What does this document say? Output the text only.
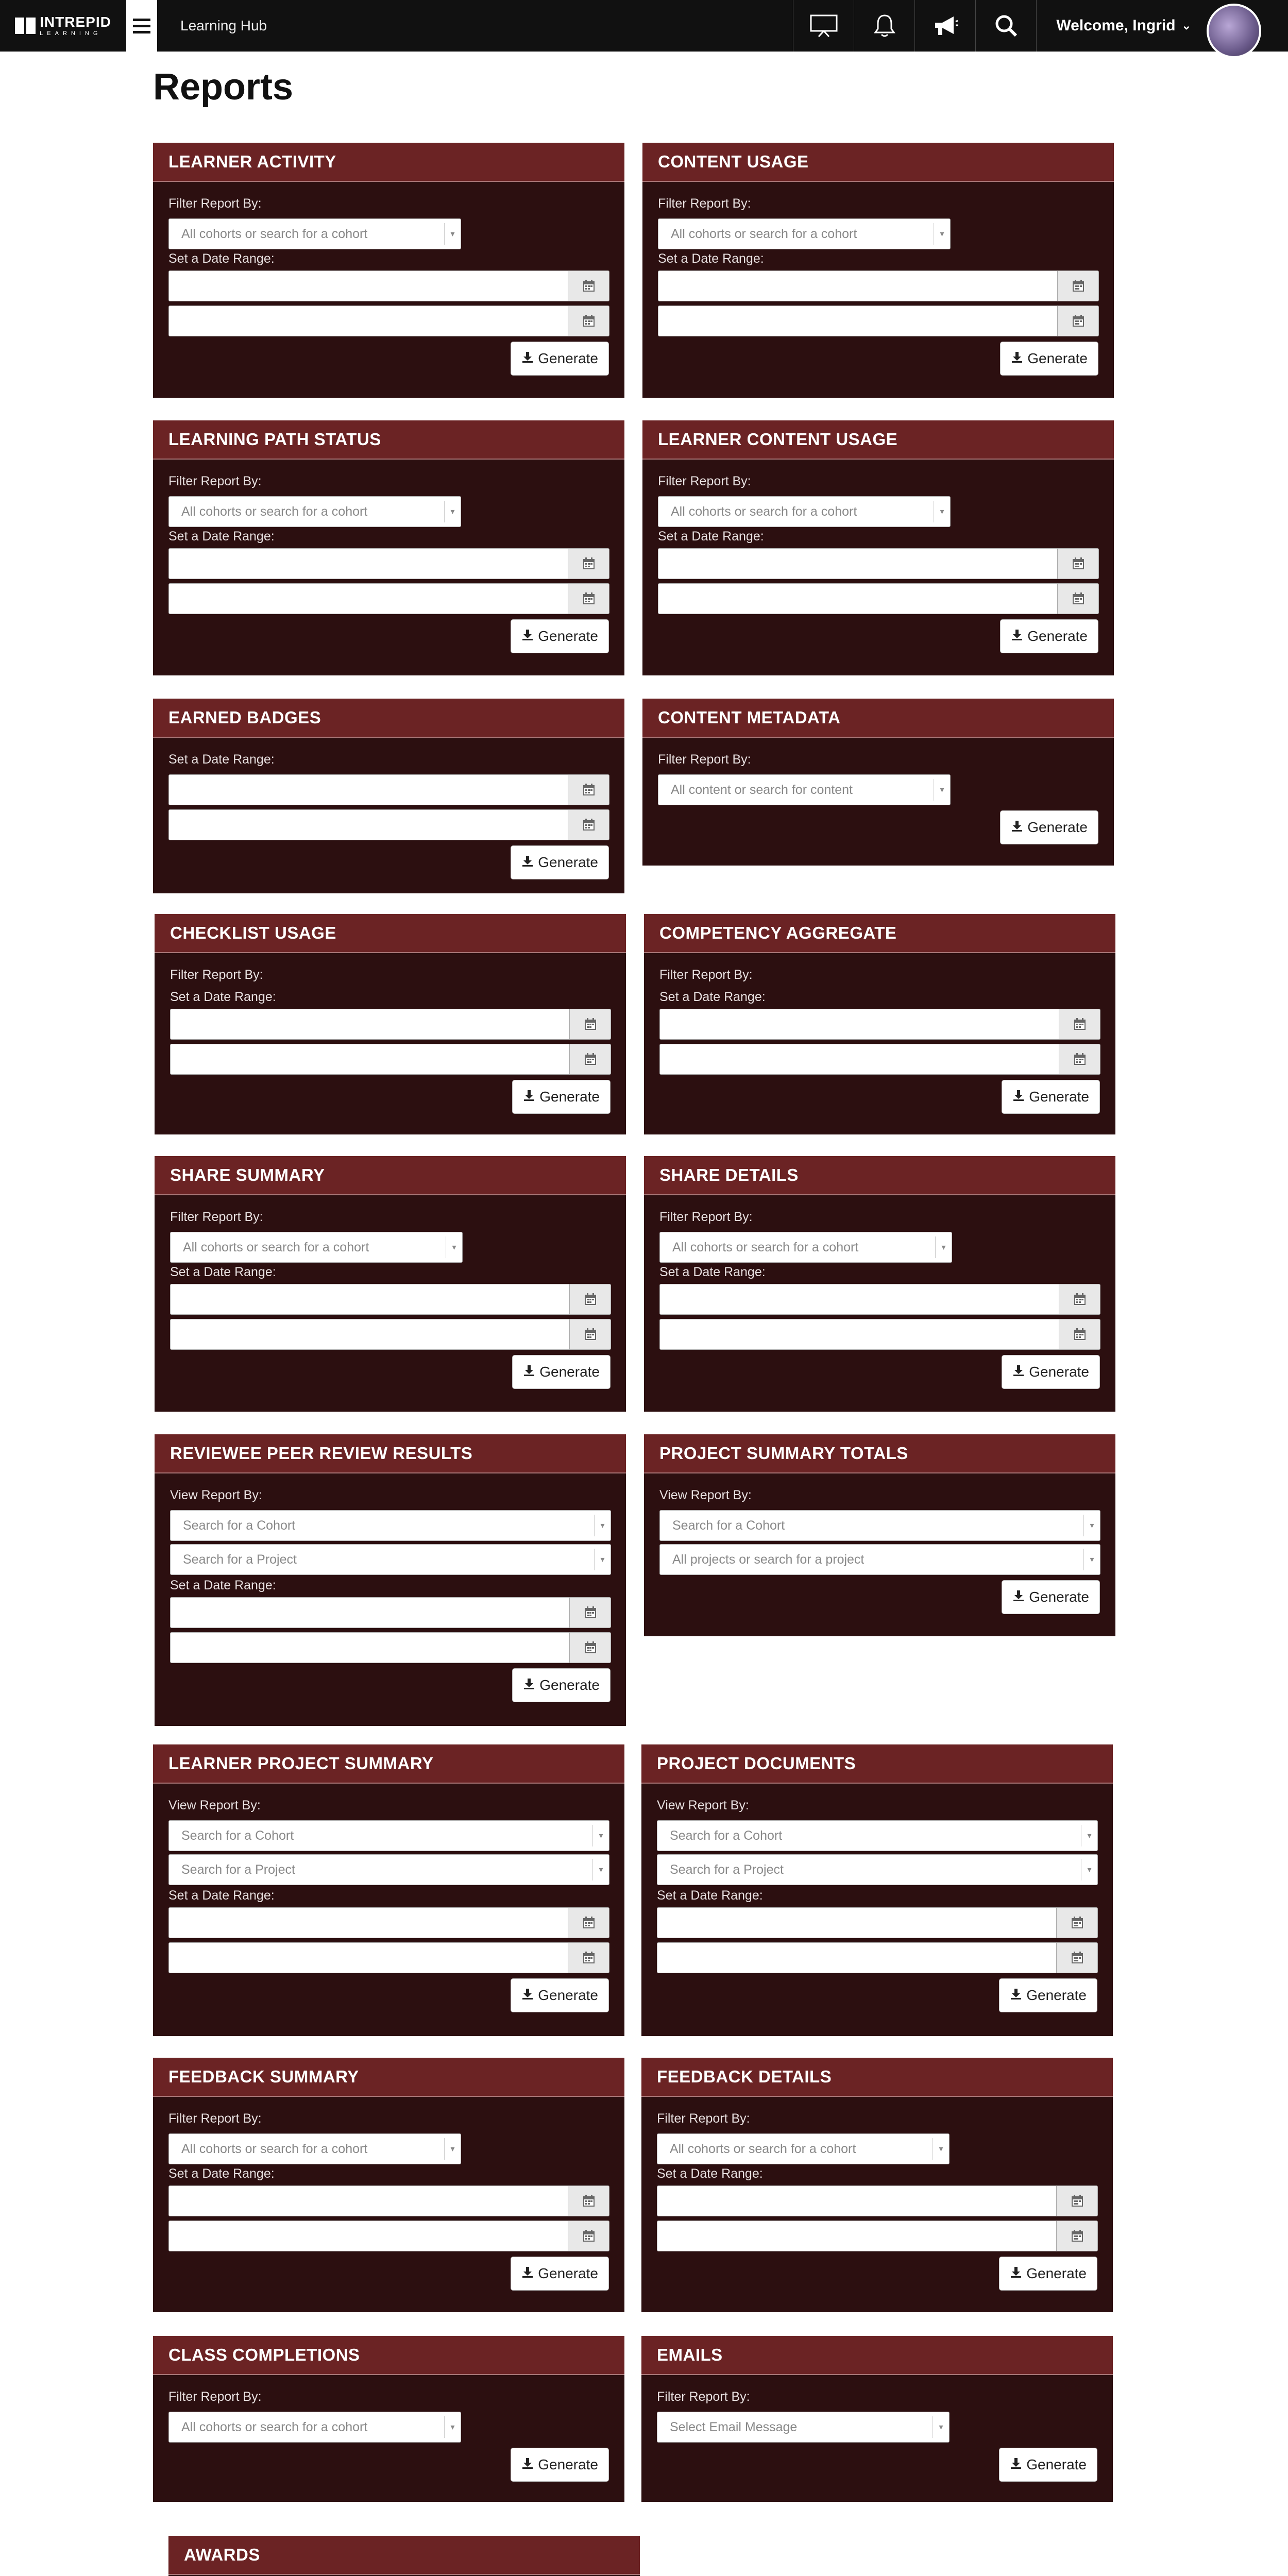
INTREPID
LEARNING	Learning Hub	Welcome, Ingrid ⌄
Reports
LEARNER ACTIVITY
Filter Report By:
All cohorts or search for a cohort	▾
Set a Date Range:
Generate
CONTENT USAGE
Filter Report By:
All cohorts or search for a cohort	▾
Set a Date Range:
Generate
LEARNING PATH STATUS
Filter Report By:
All cohorts or search for a cohort	▾
Set a Date Range:
Generate
LEARNER CONTENT USAGE
Filter Report By:
All cohorts or search for a cohort	▾
Set a Date Range:
Generate
EARNED BADGES
Set a Date Range:
Generate
CONTENT METADATA
Filter Report By:
All content or search for content	▾
Generate
CHECKLIST USAGE
Filter Report By:
Set a Date Range:
Generate
COMPETENCY AGGREGATE
Filter Report By:
Set a Date Range:
Generate
SHARE SUMMARY
Filter Report By:
All cohorts or search for a cohort	▾
Set a Date Range:
Generate
SHARE DETAILS
Filter Report By:
All cohorts or search for a cohort	▾
Set a Date Range:
Generate
REVIEWEE PEER REVIEW RESULTS
View Report By:
Search for a Cohort	▾
Search for a Project	▾
Set a Date Range:
Generate
PROJECT SUMMARY TOTALS
View Report By:
Search for a Cohort	▾
All projects or search for a project	▾
Generate
LEARNER PROJECT SUMMARY
View Report By:
Search for a Cohort	▾
Search for a Project	▾
Set a Date Range:
Generate
PROJECT DOCUMENTS
View Report By:
Search for a Cohort	▾
Search for a Project	▾
Set a Date Range:
Generate
FEEDBACK SUMMARY
Filter Report By:
All cohorts or search for a cohort	▾
Set a Date Range:
Generate
FEEDBACK DETAILS
Filter Report By:
All cohorts or search for a cohort	▾
Set a Date Range:
Generate
CLASS COMPLETIONS
Filter Report By:
All cohorts or search for a cohort	▾
Generate
EMAILS
Filter Report By:
Select Email Message	▾
Generate
AWARDS
